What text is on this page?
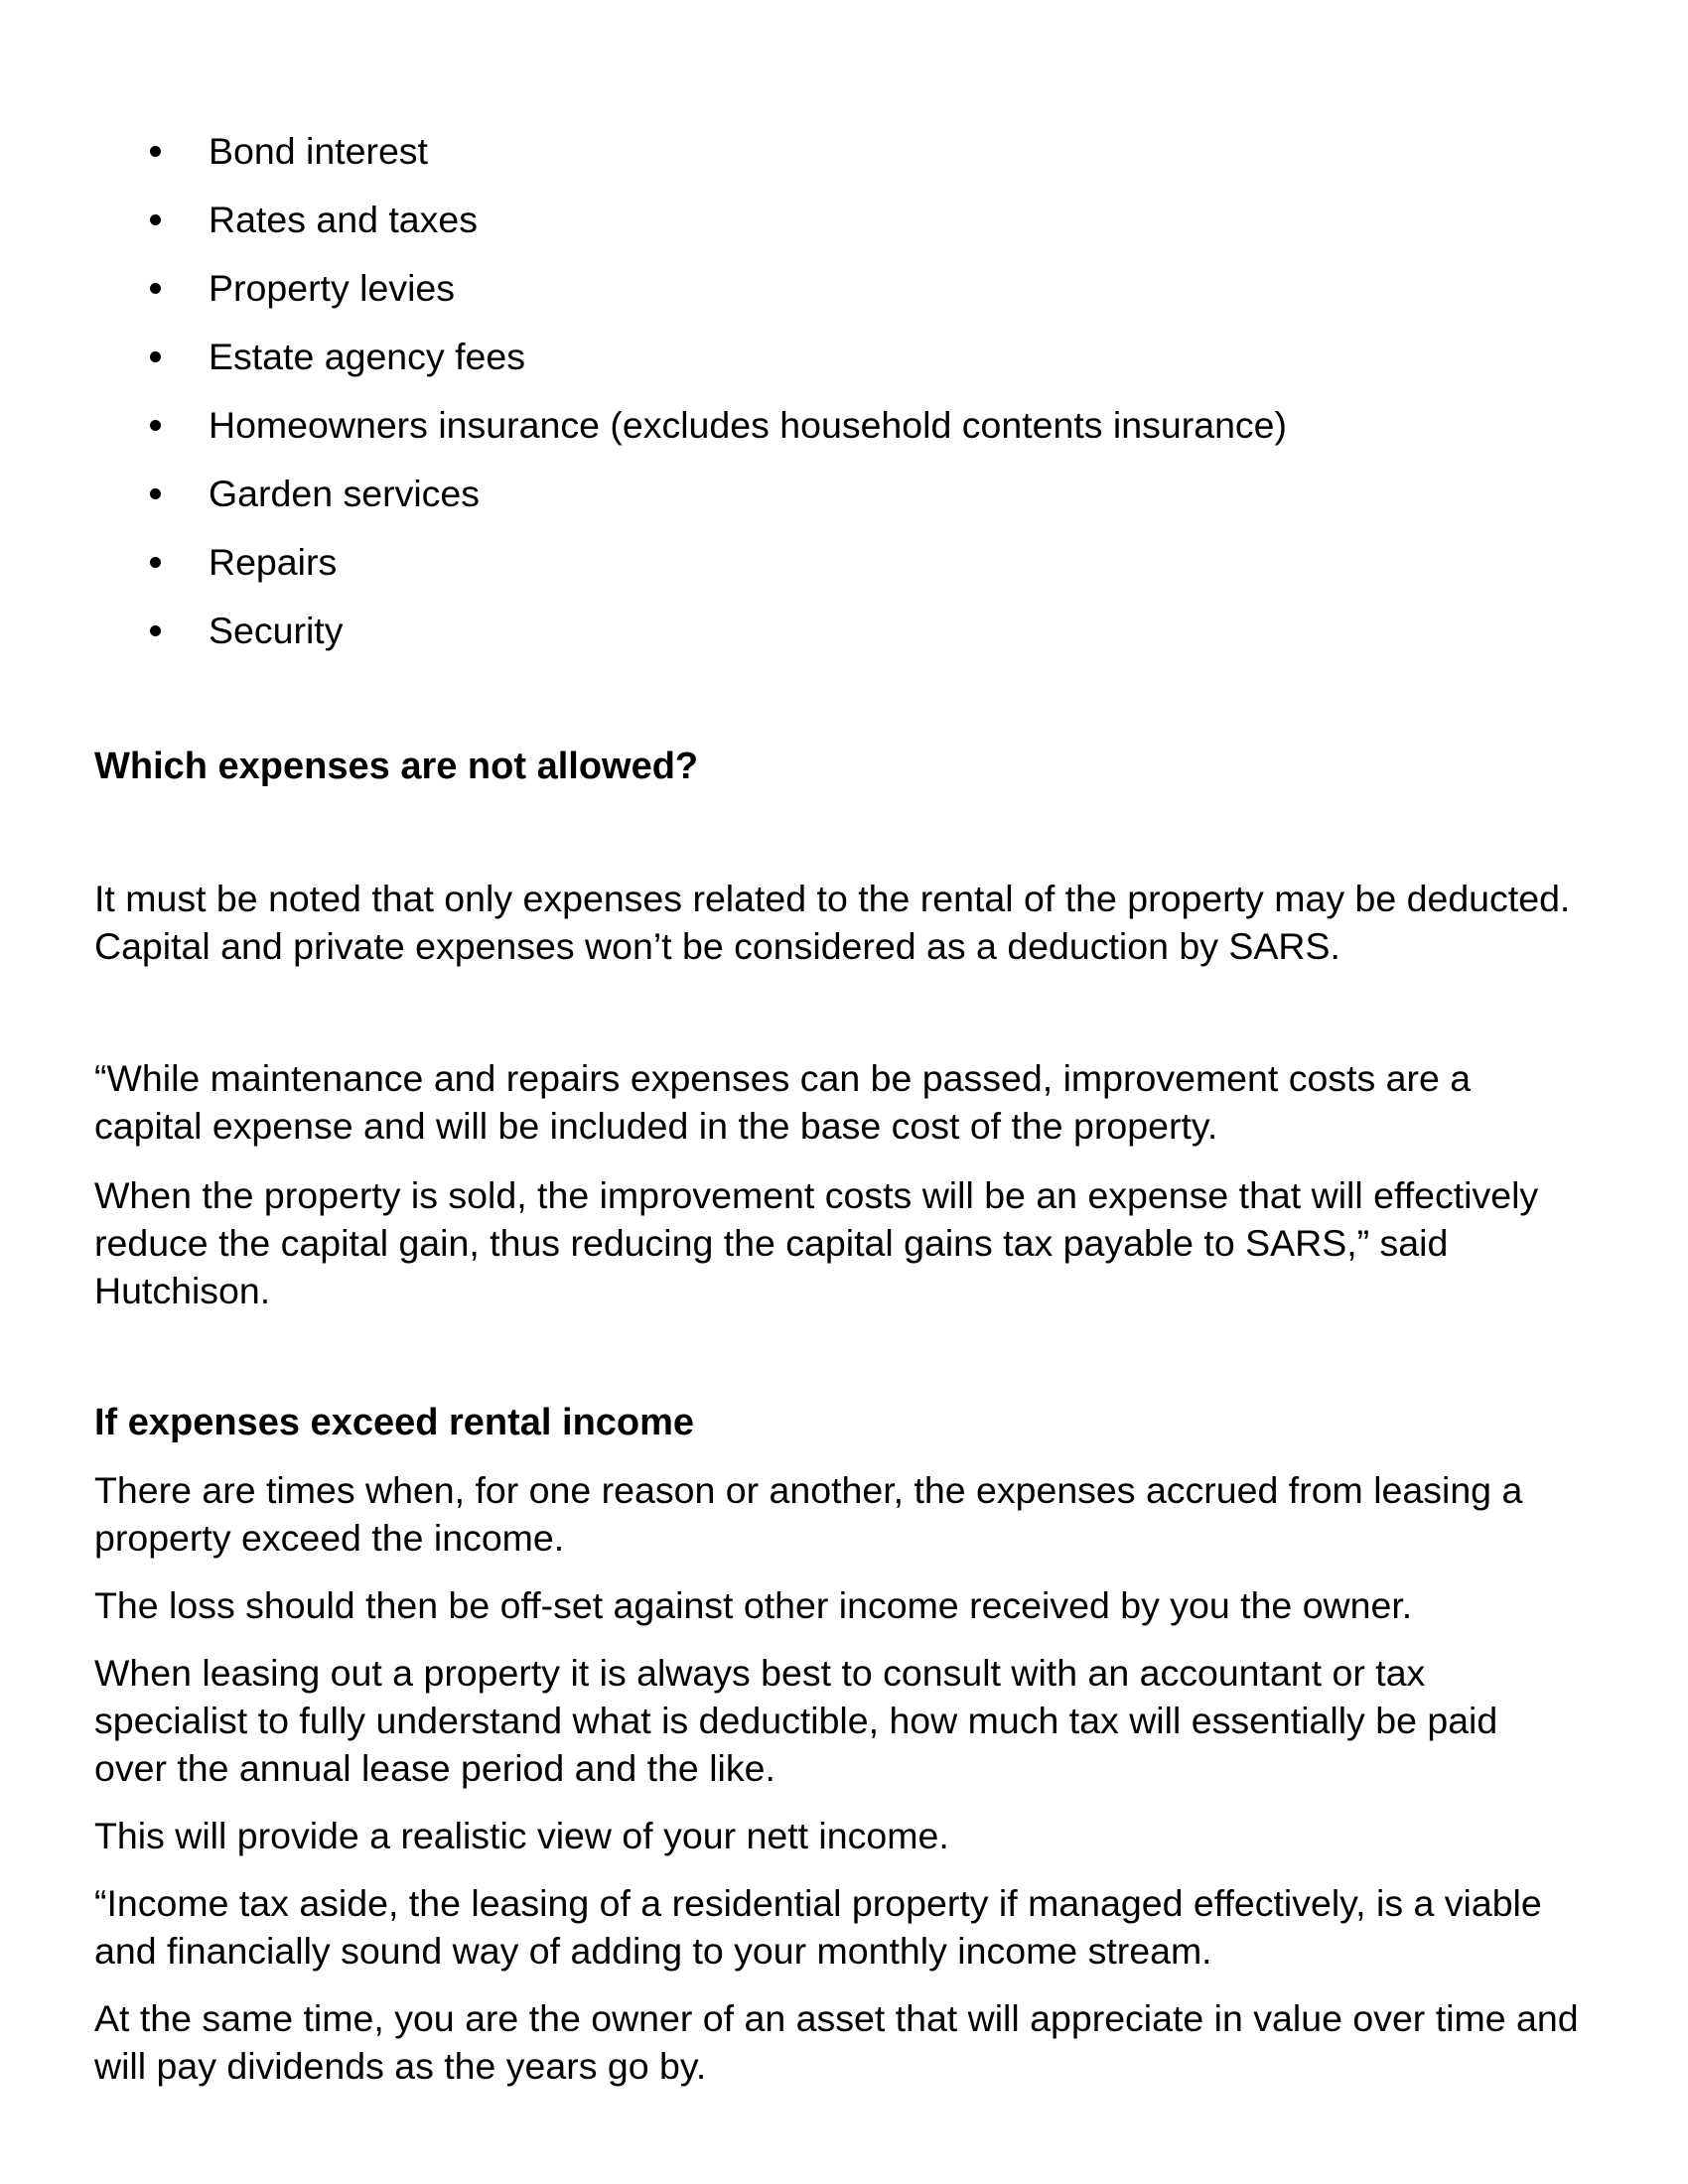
Bond interest
Rates and taxes
Property levies
Estate agency fees
Homeowners insurance (excludes household contents insurance)
Garden services
Repairs
Security
Which expenses are not allowed?
It must be noted that only expenses related to the rental of the property may be deducted.
Capital and private expenses won’t be considered as a deduction by SARS.
“While maintenance and repairs expenses can be passed, improvement costs are a
capital expense and will be included in the base cost of the property.
When the property is sold, the improvement costs will be an expense that will effectively
reduce the capital gain, thus reducing the capital gains tax payable to SARS,” said
Hutchison.
If expenses exceed rental income
There are times when, for one reason or another, the expenses accrued from leasing a
property exceed the income.
The loss should then be off-set against other income received by you the owner.
When leasing out a property it is always best to consult with an accountant or tax
specialist to fully understand what is deductible, how much tax will essentially be paid
over the annual lease period and the like.
This will provide a realistic view of your nett income.
“Income tax aside, the leasing of a residential property if managed effectively, is a viable
and financially sound way of adding to your monthly income stream.
At the same time, you are the owner of an asset that will appreciate in value over time and
will pay dividends as the years go by.
